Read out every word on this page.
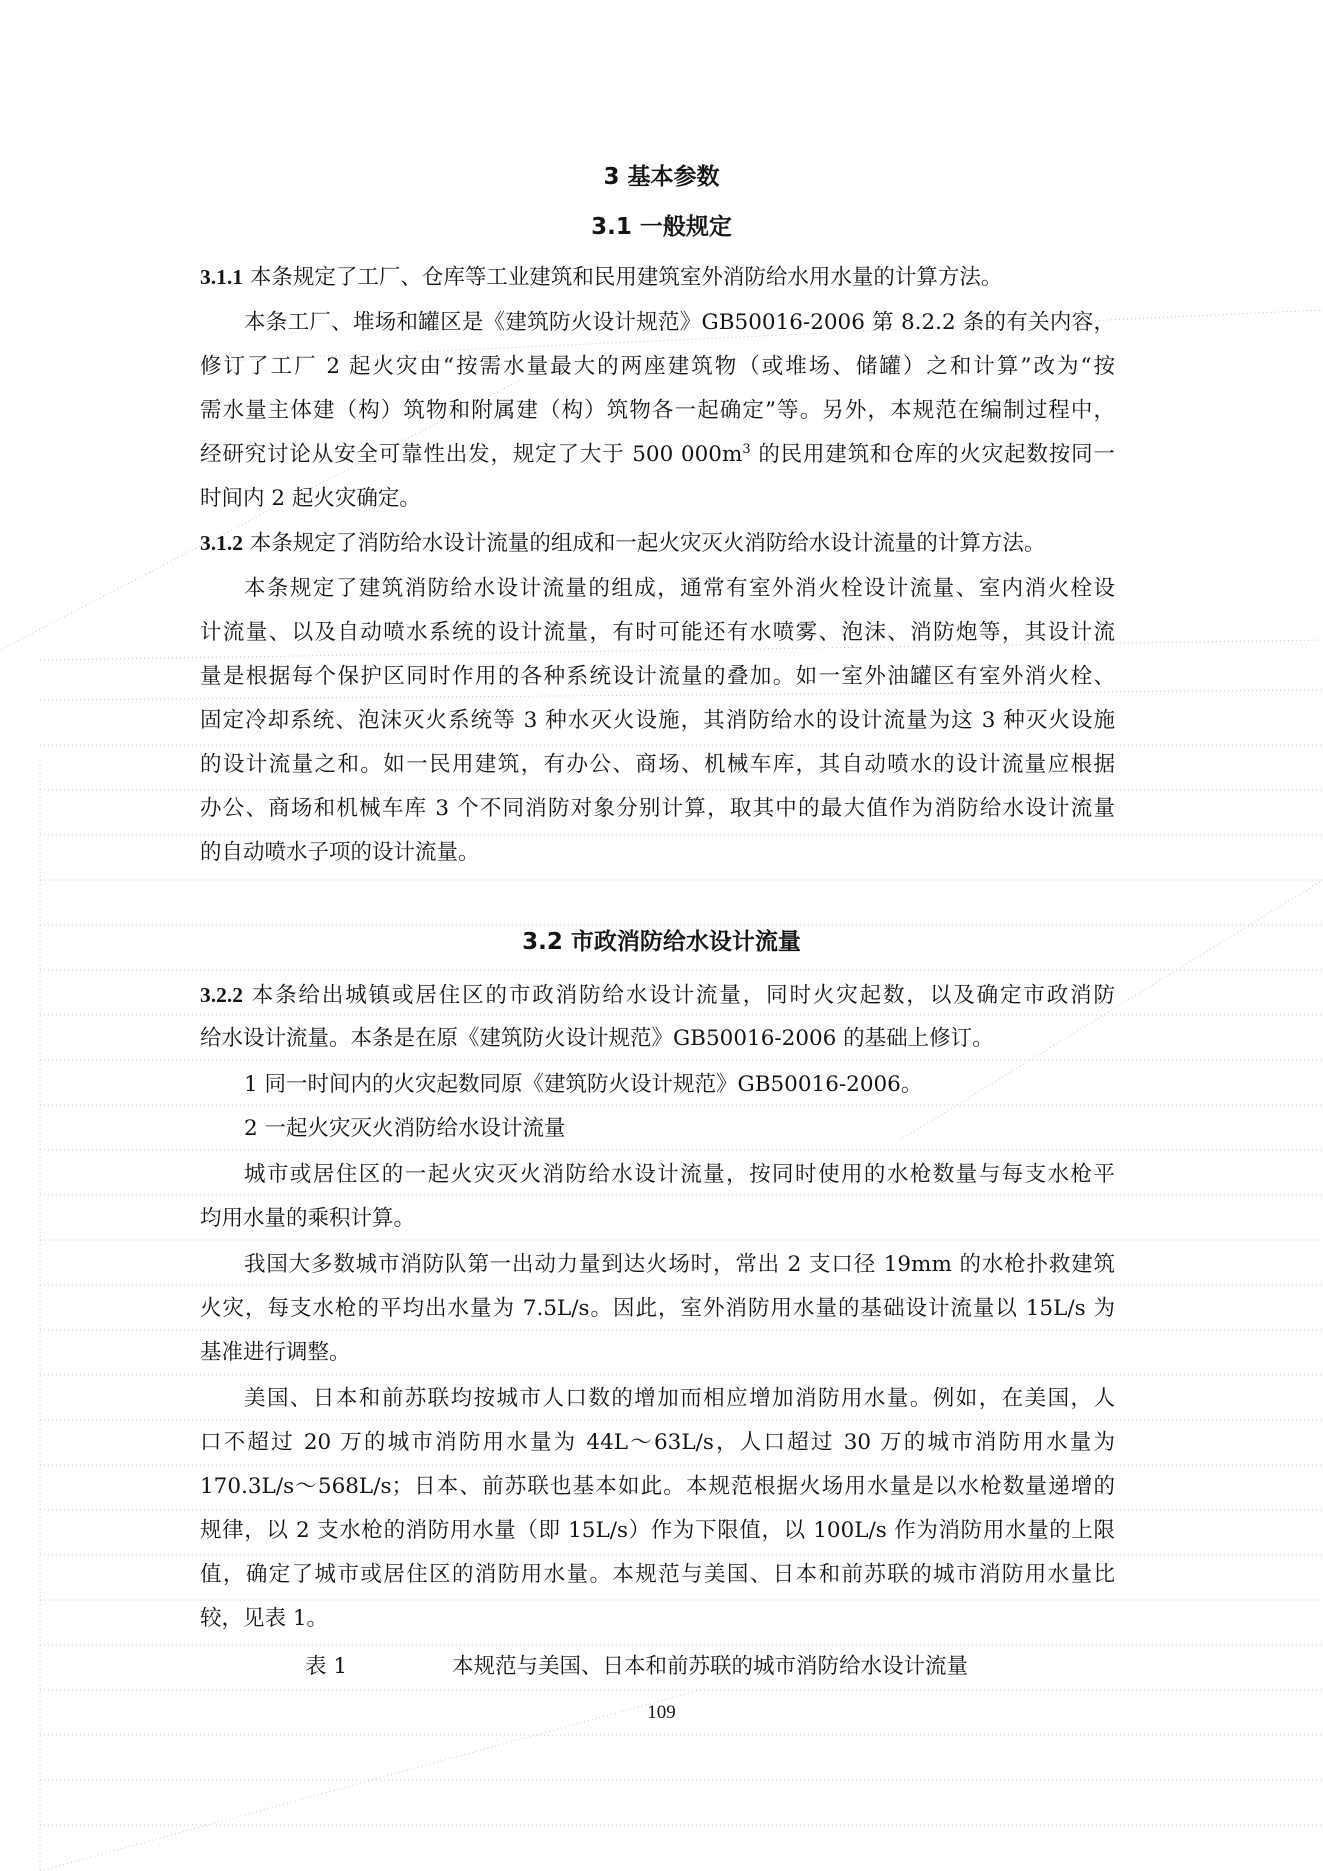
3 基本参数
3.1 一般规定
3.1.1 本条规定了工厂、仓库等工业建筑和民用建筑室外消防给水用水量的计算方法。
本条工厂、堆场和罐区是《建筑防火设计规范》GB50016-2006 第 8.2.2 条的有关内容，
修订了工厂 2 起火灾由“按需水量最大的两座建筑物（或堆场、储罐）之和计算”改为“按
需水量主体建（构）筑物和附属建（构）筑物各一起确定”等。另外，本规范在编制过程中，
经研究讨论从安全可靠性出发，规定了大于 500 $000m^3$ 的民用建筑和仓库的火灾起数按同一
时间内 2 起火灾确定。
3.1.2 本条规定了消防给水设计流量的组成和一起火灾灭火消防给水设计流量的计算方法。
本条规定了建筑消防给水设计流量的组成，通常有室外消火栓设计流量、室内消火栓设
计流量、以及自动喷水系统的设计流量，有时可能还有水喷雾、泡沫、消防炮等，其设计流
量是根据每个保护区同时作用的各种系统设计流量的叠加。如一室外油罐区有室外消火栓、
固定冷却系统、泡沫灭火系统等 3 种水灭火设施，其消防给水的设计流量为这 3 种灭火设施
的设计流量之和。如一民用建筑，有办公、商场、机械车库，其自动喷水的设计流量应根据
办公、商场和机械车库 3 个不同消防对象分别计算，取其中的最大值作为消防给水设计流量
的自动喷水子项的设计流量。
3.2 市政消防给水设计流量
3.2.2 本条给出城镇或居住区的市政消防给水设计流量，同时火灾起数，以及确定市政消防
给水设计流量。本条是在原《建筑防火设计规范》GB50016-2006 的基础上修订。
1 同一时间内的火灾起数同原《建筑防火设计规范》GB50016-2006。
2 一起火灾灭火消防给水设计流量
城市或居住区的一起火灾灭火消防给水设计流量，按同时使用的水枪数量与每支水枪平
均用水量的乘积计算。
我国大多数城市消防队第一出动力量到达火场时，常出 2 支口径 19mm 的水枪扑救建筑
火灾，每支水枪的平均出水量为 7.5L/s。因此，室外消防用水量的基础设计流量以 15L/s 为
基准进行调整。
美国、日本和前苏联均按城市人口数的增加而相应增加消防用水量。例如，在美国，人
口不超过 20 万的城市消防用水量为 44L～63L/s，人口超过 30 万的城市消防用水量为
170.3L/s～568L/s；日本、前苏联也基本如此。本规范根据火场用水量是以水枪数量递增的
规律，以 2 支水枪的消防用水量（即 15L/s）作为下限值，以 100L/s 作为消防用水量的上限
值，确定了城市或居住区的消防用水量。本规范与美国、日本和前苏联的城市消防用水量比
较，见表 1。
表 1	本规范与美国、日本和前苏联的城市消防给水设计流量
109
